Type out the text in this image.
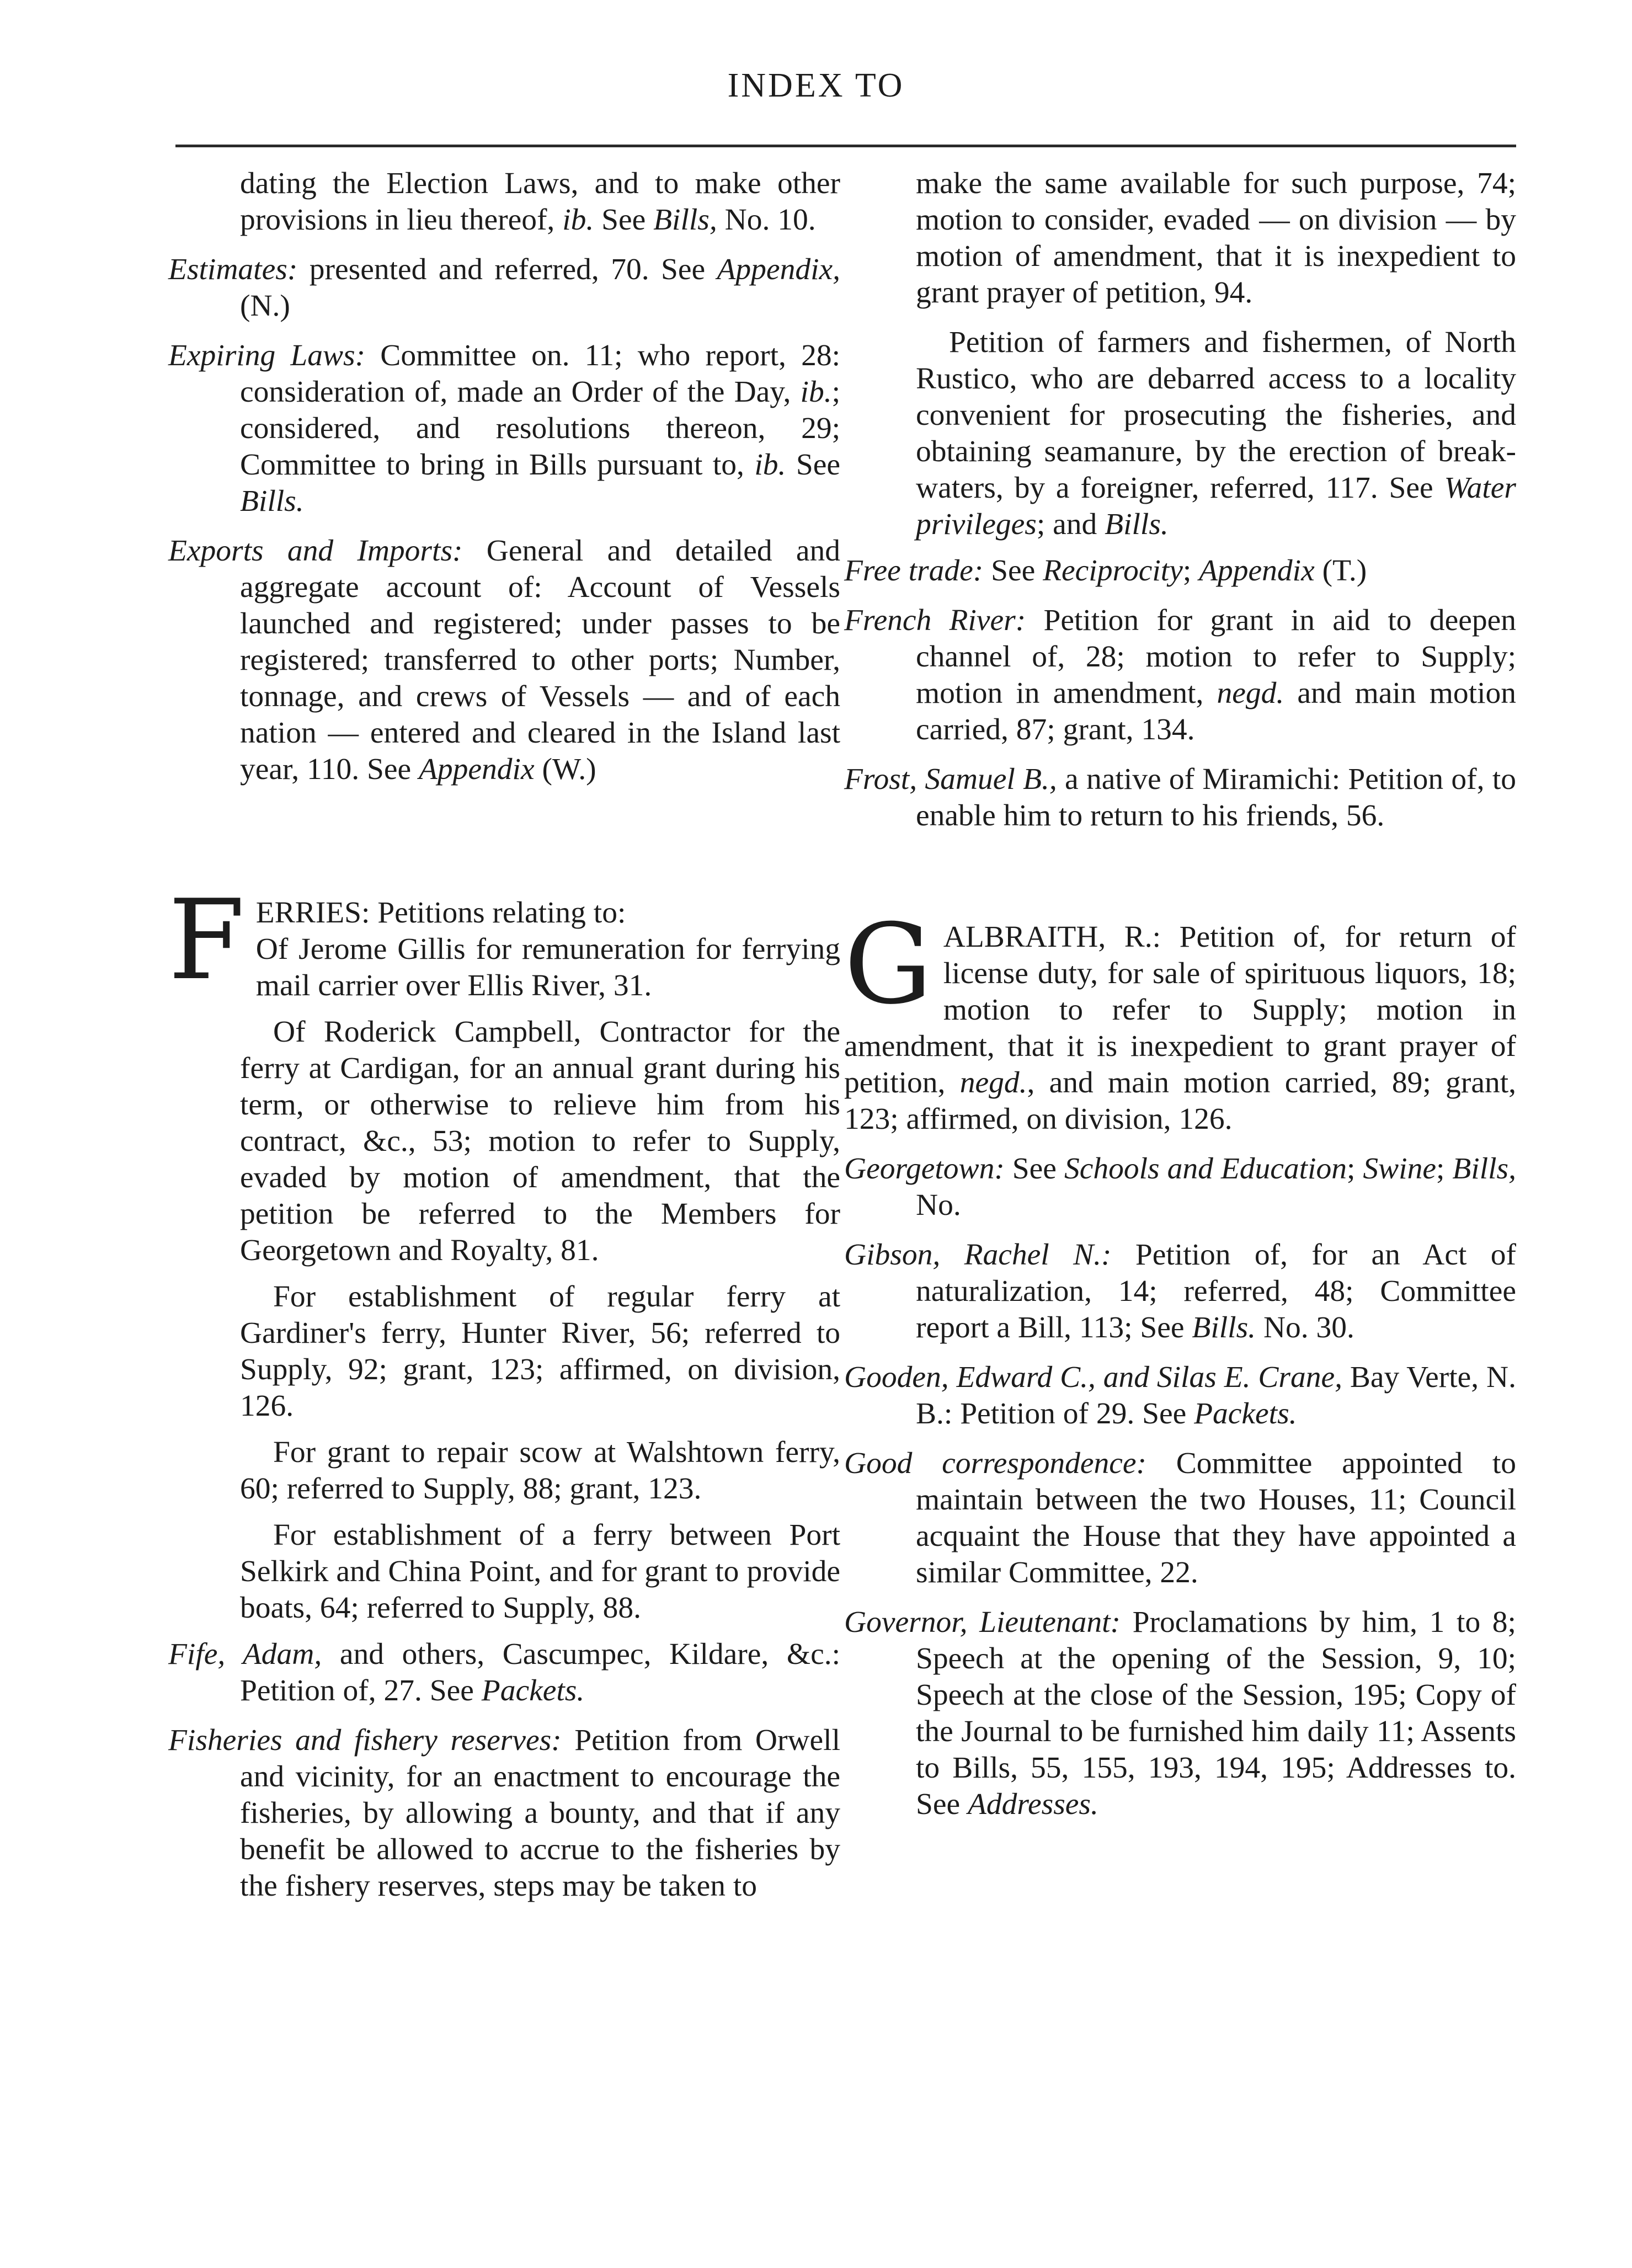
INDEX TO

dating the Election Laws, and to make other provisions in lieu thereof, ib. See Bills, No. 10.

Estimates: presented and referred, 70. See Appendix, (N.)

Expiring Laws: Committee on. 11; who report, 28: consideration of, made an Order of the Day, ib.; considered, and resolutions thereon, 29; Committee to bring in Bills pursuant to, ib. See Bills.

Exports and Imports: General and detailed and aggregate account of: Account of Vessels launched and registered; under passes to be registered; transferred to other ports; Number, tonnage, and crews of Vessels — and of each nation — entered and cleared in the Island last year, 110. See Appendix (W.)

F ERRIES: Petitions relating to:

Of Jerome Gillis for remuneration for ferrying mail carrier over Ellis River, 31.

Of Roderick Campbell, Contractor for the ferry at Cardigan, for an annual grant during his term, or otherwise to relieve him from his contract, &c., 53; motion to refer to Supply, evaded by motion of amendment, that the petition be referred to the Members for Georgetown and Royalty, 81.

For establishment of regular ferry at Gardiner's ferry, Hunter River, 56; referred to Supply, 92; grant, 123; affirmed, on division, 126.

For grant to repair scow at Walshtown ferry, 60; referred to Supply, 88; grant, 123.

For establishment of a ferry between Port Selkirk and China Point, and for grant to provide boats, 64; referred to Supply, 88.

Fife, Adam, and others, Cascumpec, Kildare, &c.: Petition of, 27. See Packets.

Fisheries and fishery reserves: Petition from Orwell and vicinity, for an enactment to encourage the fisheries, by allowing a bounty, and that if any benefit be allowed to accrue to the fisheries by the fishery reserves, steps may be taken to

make the same available for such purpose, 74; motion to consider, evaded — on division — by motion of amendment, that it is inexpedient to grant prayer of petition, 94.

Petition of farmers and fishermen, of North Rustico, who are debarred access to a locality convenient for prosecuting the fisheries, and obtaining seamanure, by the erection of break-waters, by a foreigner, referred, 117. See Water privileges; and Bills.

Free trade: See Reciprocity; Appendix (T.)

French River: Petition for grant in aid to deepen channel of, 28; motion to refer to Supply; motion in amendment, negd. and main motion carried, 87; grant, 134.

Frost, Samuel B., a native of Miramichi: Petition of, to enable him to return to his friends, 56.

G ALBRAITH, R.: Petition of, for return of license duty, for sale of spirituous liquors, 18; motion to refer to Supply; motion in amendment, that it is inexpedient to grant prayer of petition, negd., and main motion carried, 89; grant, 123; affirmed, on division, 126.

Georgetown: See Schools and Education; Swine; Bills, No.

Gibson, Rachel N.: Petition of, for an Act of naturalization, 14; referred, 48; Committee report a Bill, 113; See Bills. No. 30.

Gooden, Edward C., and Silas E. Crane, Bay Verte, N. B.: Petition of 29. See Packets.

Good correspondence: Committee appointed to maintain between the two Houses, 11; Council acquaint the House that they have appointed a similar Committee, 22.

Governor, Lieutenant: Proclamations by him, 1 to 8; Speech at the opening of the Session, 9, 10; Speech at the close of the Session, 195; Copy of the Journal to be furnished him daily 11; Assents to Bills, 55, 155, 193, 194, 195; Addresses to. See Addresses.
